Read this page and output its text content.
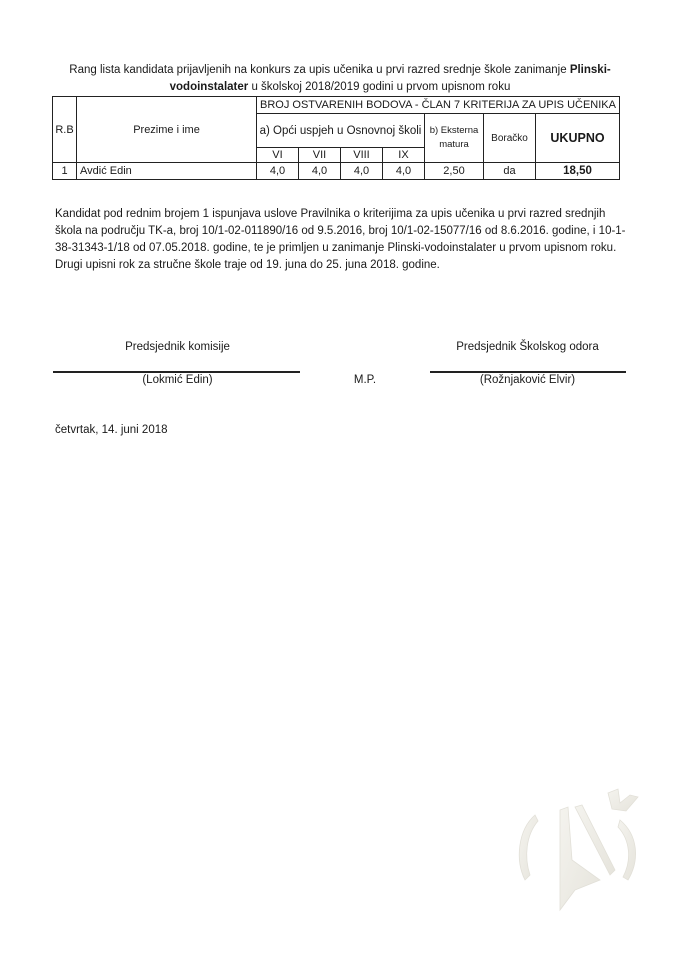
Rang lista kandidata prijavljenih na konkurs za upis učenika u prvi razred srednje škole zanimanje Plinski-vodoinstalater u školskoj 2018/2019 godini u prvom upisnom roku
R.B	Prezime i ime	BROJ OSTVARENIH BODOVA - ČLAN 7 KRITERIJA ZA UPIS UČENIKA						
		a) Opći uspjeh u Osnovnoj školi				b) Eksterna matura	Boračko	UKUPNO
		VI	VII	VIII	IX			
1	Avdić Edin	4,0	4,0	4,0	4,0	2,50	da	18,50

Kandidat pod rednim brojem 1 ispunjava uslove Pravilnika o kriterijima za upis učenika u prvi razred srednjih škola na području TK-a, broj 10/1-02-011890/16 od 9.5.2016, broj 10/1-02-15077/16 od 8.6.2016. godine, i 10-1-38-31343-1/18 od 07.05.2018. godine, te je primljen u zanimanje Plinski-vodoinstalater u prvom upisnom roku.

Drugi upisni rok za stručne škole traje od 19. juna do 25. juna 2018. godine.

Predsjednik komisije
(Lokmić Edin)	M.P.
Predsjednik Školskog odora
(Rožnjaković Elvir)
četvrtak, 14. juni 2018
